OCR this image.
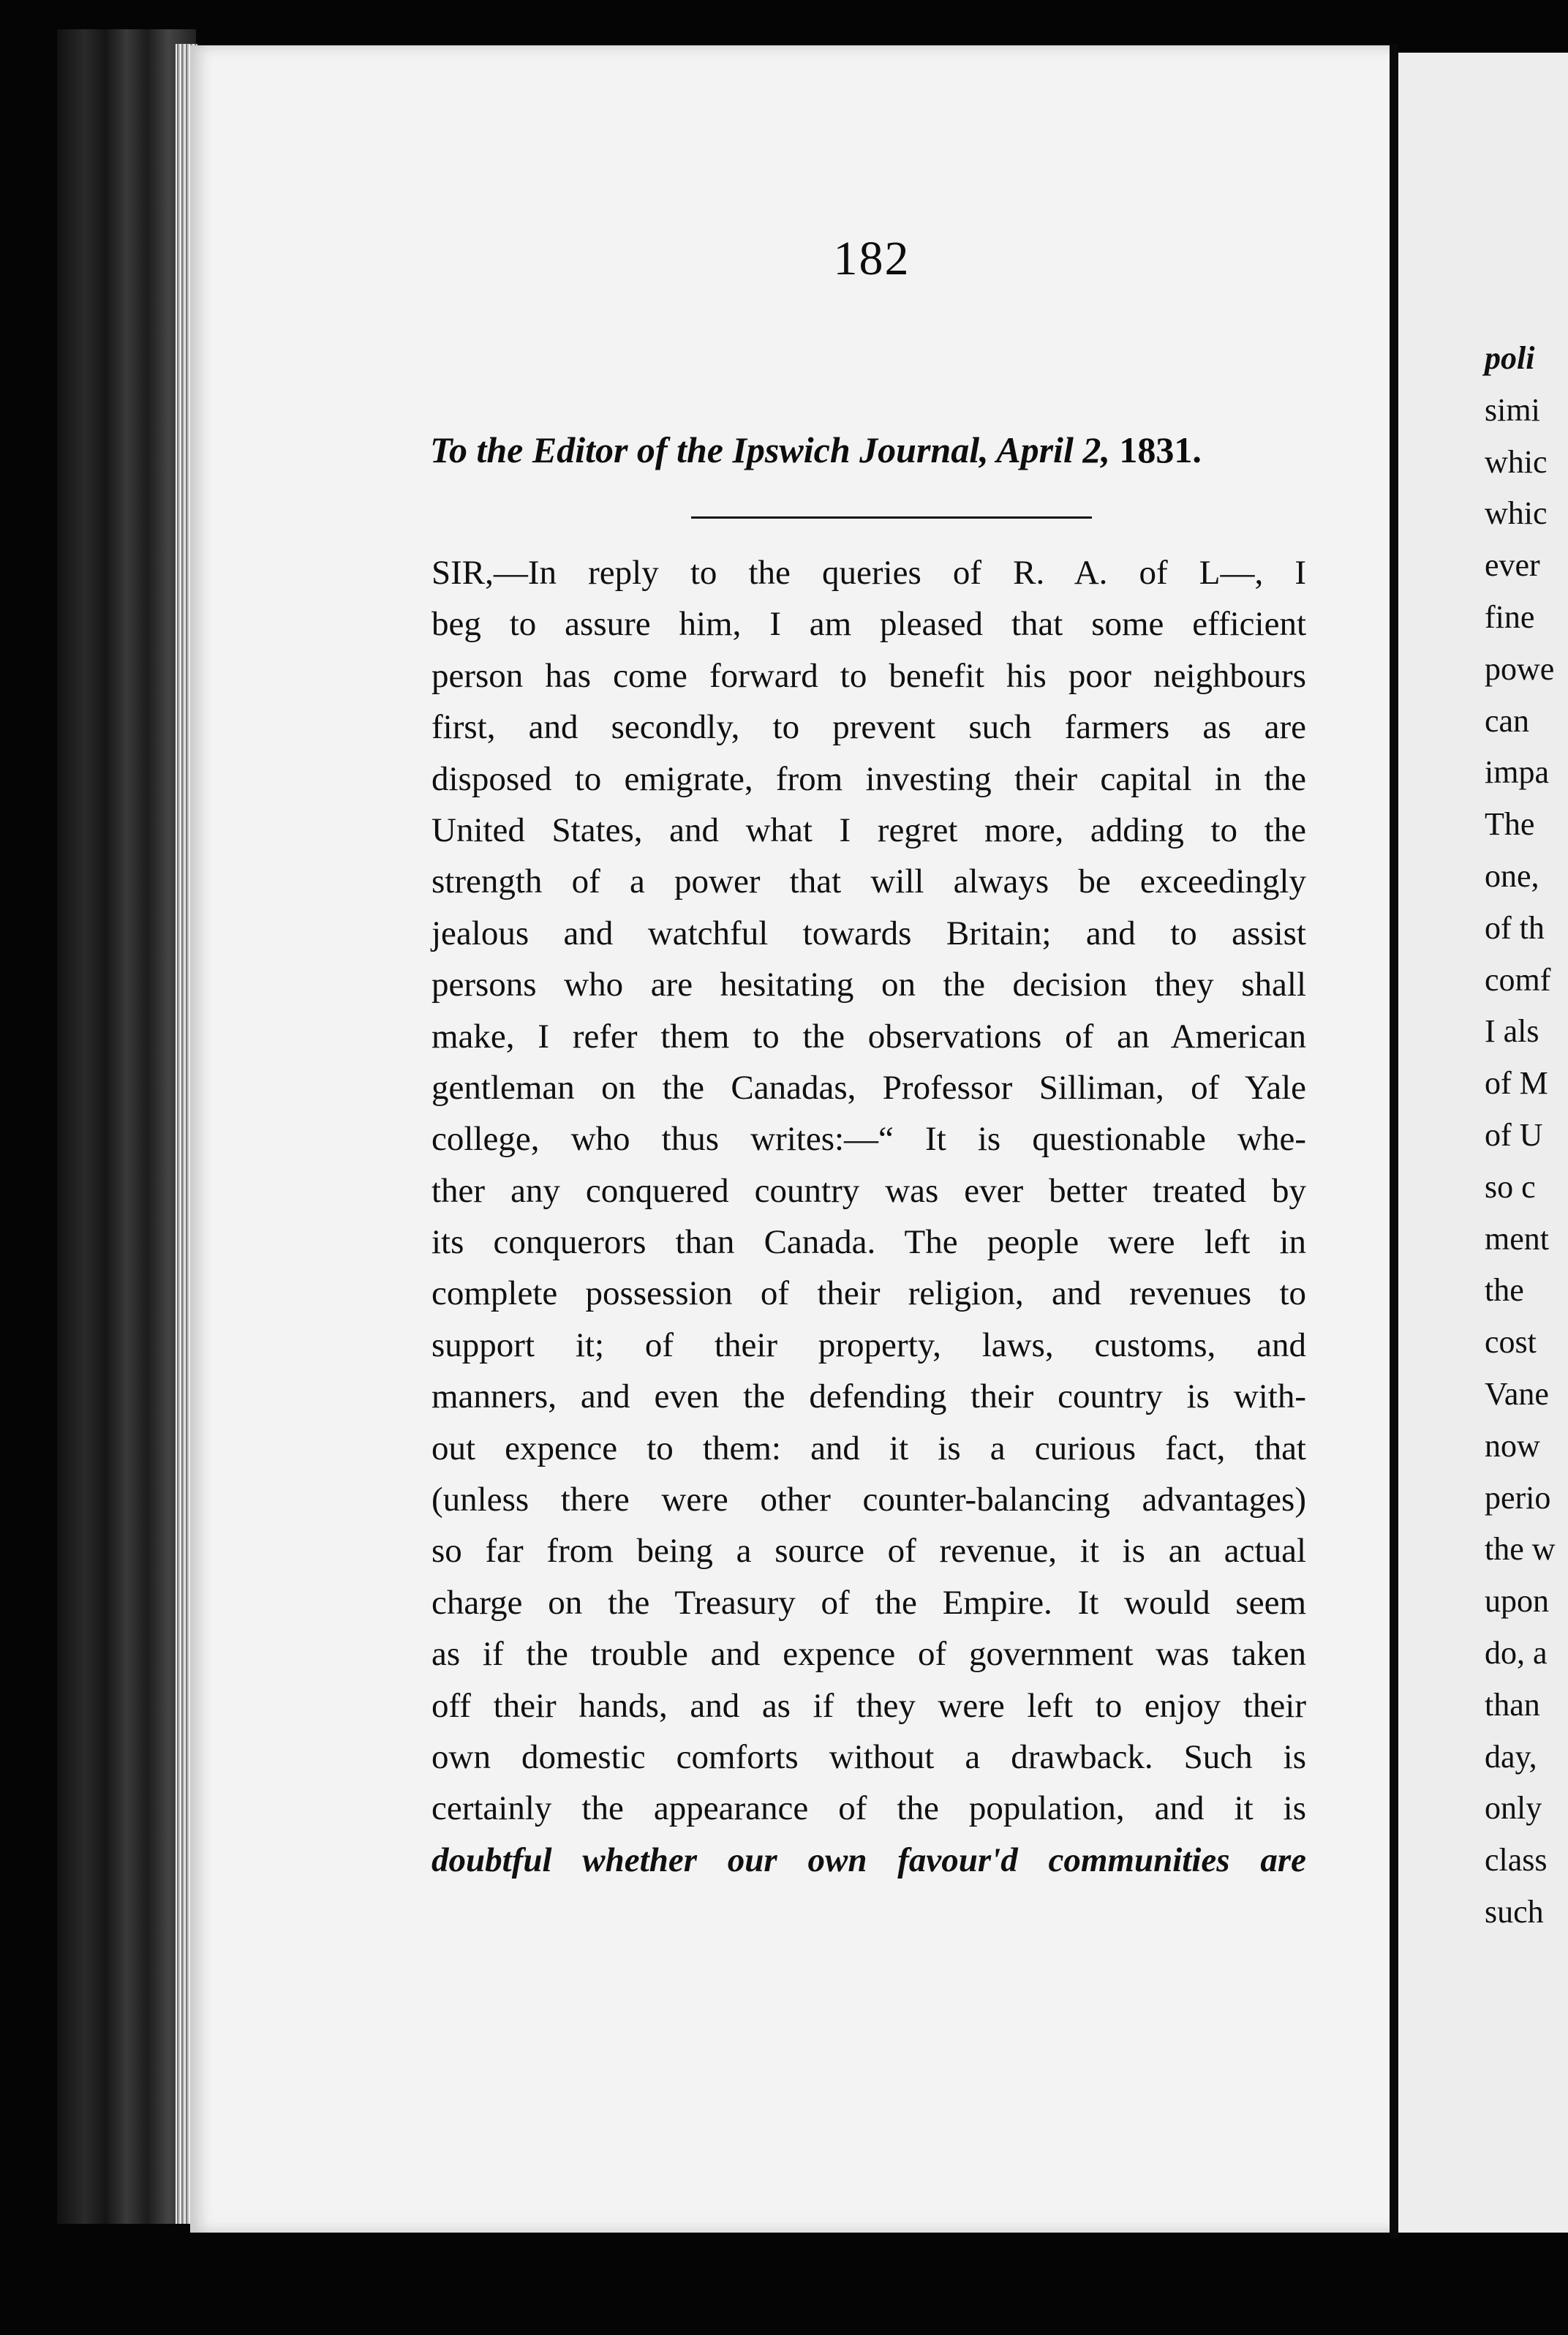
182
To the Editor of the Ipswich Journal, April 2, 1831.
SIR,—In reply to the queries of R. A. of L—, I
beg to assure him, I am pleased that some efficient
person has come forward to benefit his poor neighbours
first, and secondly, to prevent such farmers as are
disposed to emigrate, from investing their capital in the
United States, and what I regret more, adding to the
strength of a power that will always be exceedingly
jealous and watchful towards Britain; and to assist
persons who are hesitating on the decision they shall
make, I refer them to the observations of an American
gentleman on the Canadas, Professor Silliman, of Yale
college, who thus writes:—“ It is questionable whe-
ther any conquered country was ever better treated by
its conquerors than Canada. The people were left in
complete possession of their religion, and revenues to
support it; of their property, laws, customs, and
manners, and even the defending their country is with-
out expence to them: and it is a curious fact, that
(unless there were other counter-balancing advantages)
so far from being a source of revenue, it is an actual
charge on the Treasury of the Empire. It would seem
as if the trouble and expence of government was taken
off their hands, and as if they were left to enjoy their
own domestic comforts without a drawback. Such is
certainly the appearance of the population, and it is
doubtful whether our own favour'd communities are
poli
simi
whic
whic
ever
fine
powe
can
impa
The
one,
of th
comf
I als
of M
of U
so c
ment
the
cost
Vane
now
perio
the w
upon
do, a
than
day,
only
class
such
